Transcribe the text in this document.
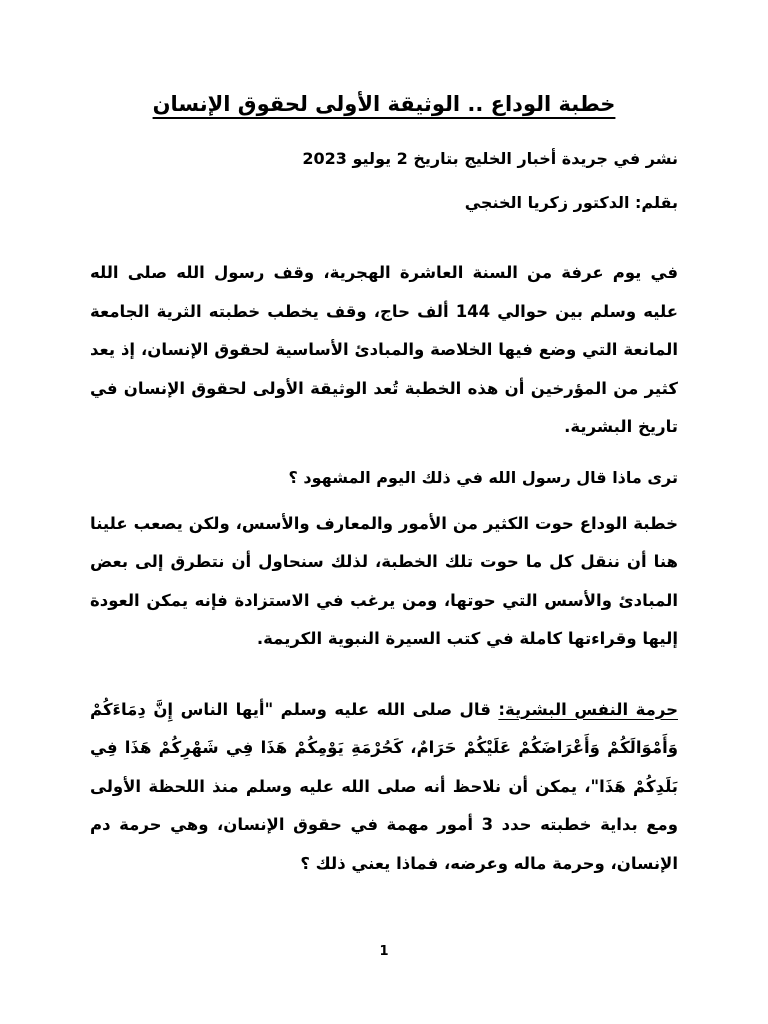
خطبة الوداع .. الوثيقة الأولى لحقوق الإنسان

نشر في جريدة أخبار الخليج بتاريخ 2 يوليو 2023

بقلم: الدكتور زكريا الخنجي

في يوم عرفة من السنة العاشرة الهجرية، وقف رسول الله صلى الله عليه وسلم بين حوالي 144 ألف حاج، وقف يخطب خطبته الثرية الجامعة المانعة التي وضع فيها الخلاصة والمبادئ الأساسية لحقوق الإنسان، إذ يعد كثير من المؤرخين أن هذه الخطبة تُعد الوثيقة الأولى لحقوق الإنسان في تاريخ البشرية.

ترى ماذا قال رسول الله في ذلك اليوم المشهود ؟

خطبة الوداع حوت الكثير من الأمور والمعارف والأسس، ولكن يصعب علينا هنا أن ننقل كل ما حوت تلك الخطبة، لذلك سنحاول أن نتطرق إلى بعض المبادئ والأسس التي حوتها، ومن يرغب في الاستزادة فإنه يمكن العودة إليها وقراءتها كاملة في كتب السيرة النبوية الكريمة.

حرمة النفس البشرية: قال صلى الله عليه وسلم "أيها الناس إِنَّ دِمَاءَكُمْ وَأَمْوَالَكُمْ وَأَعْرَاضَكُمْ عَلَيْكُمْ حَرَامٌ، كَحُرْمَةِ يَوْمِكُمْ هَذَا فِي شَهْرِكُمْ هَذَا فِي بَلَدِكُمْ هَذَا"، يمكن أن نلاحظ أنه صلى الله عليه وسلم منذ اللحظة الأولى ومع بداية خطبته حدد 3 أمور مهمة في حقوق الإنسان، وهي حرمة دم الإنسان، وحرمة ماله وعرضه، فماذا يعني ذلك ؟

1
